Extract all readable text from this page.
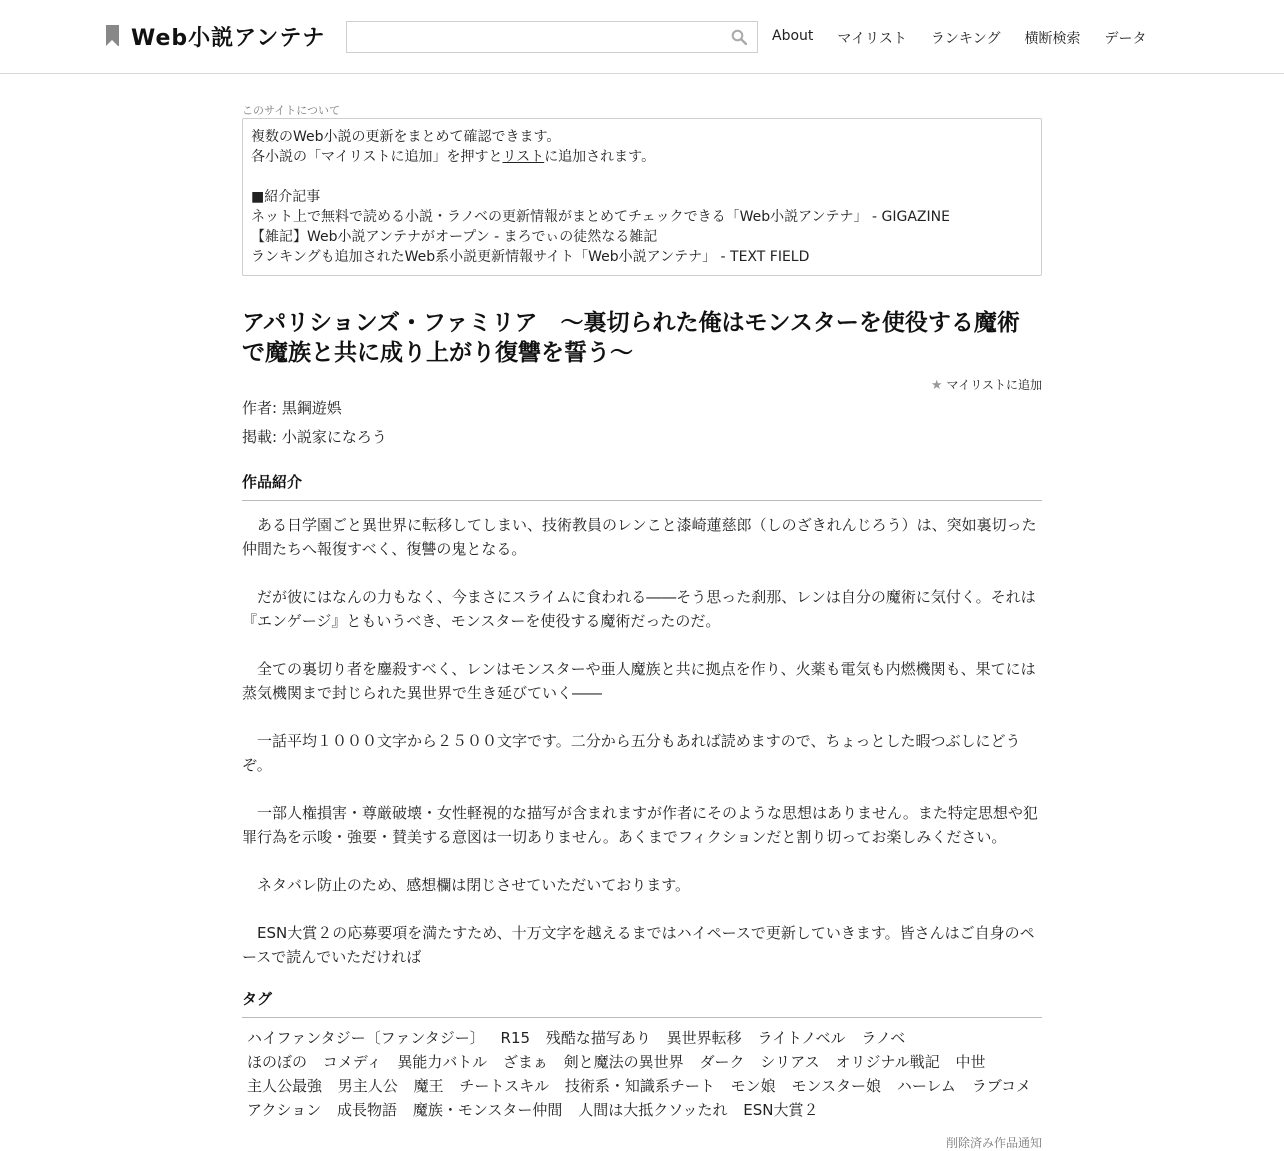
Web小説アンテナ	About マイリスト ランキング 横断検索 データ
このサイトについて
複数のWeb小説の更新をまとめて確認できます。
各小説の「マイリストに追加」を押すとリストに追加されます。
■紹介記事
ネット上で無料で読める小説・ラノベの更新情報がまとめてチェックできる「Web小説アンテナ」 - GIGAZINE
【雑記】Web小説アンテナがオープン - まろでぃの徒然なる雑記
ランキングも追加されたWeb系小説更新情報サイト「Web小説アンテナ」 - TEXT FIELD
アパリションズ・ファミリア　～裏切られた俺はモンスターを使役する魔術で魔族と共に成り上がり復讐を誓う～
★ マイリストに追加
作者: 黒鋼遊娯
掲載: 小説家になろう
作品紹介

　ある日学園ごと異世界に転移してしまい、技術教員のレンこと漆崎蓮慈郎（しのざきれんじろう）は、突如裏切った仲間たちへ報復すべく、復讐の鬼となる。

　だが彼にはなんの力もなく、今まさにスライムに食われる――そう思った刹那、レンは自分の魔術に気付く。それは『エンゲージ』ともいうべき、モンスターを使役する魔術だったのだ。

　全ての裏切り者を鏖殺すべく、レンはモンスターや亜人魔族と共に拠点を作り、火薬も電気も内燃機関も、果てには蒸気機関まで封じられた異世界で生き延びていく――

　一話平均１０００文字から２５００文字です。二分から五分もあれば読めますので、ちょっとした暇つぶしにどうぞ。

　一部人権損害・尊厳破壊・女性軽視的な描写が含まれますが作者にそのような思想はありません。また特定思想や犯罪行為を示唆・強要・賛美する意図は一切ありません。あくまでフィクションだと割り切ってお楽しみください。

　ネタバレ防止のため、感想欄は閉じさせていただいております。

　ESN大賞２の応募要項を満たすため、十万文字を越えるまではハイペースで更新していきます。皆さんはご自身のペースで読んでいただければ

タグ
ハイファンタジー〔ファンタジー〕 R15 残酷な描写あり 異世界転移 ライトノベル ラノベ
ほのぼの コメディ 異能力バトル ざまぁ 剣と魔法の異世界 ダーク シリアス オリジナル戦記 中世
主人公最強 男主人公 魔王 チートスキル 技術系・知識系チート モン娘 モンスター娘 ハーレム ラブコメ
アクション 成長物語 魔族・モンスター仲間 人間は大抵クソッたれ ESN大賞２
削除済み作品通知
